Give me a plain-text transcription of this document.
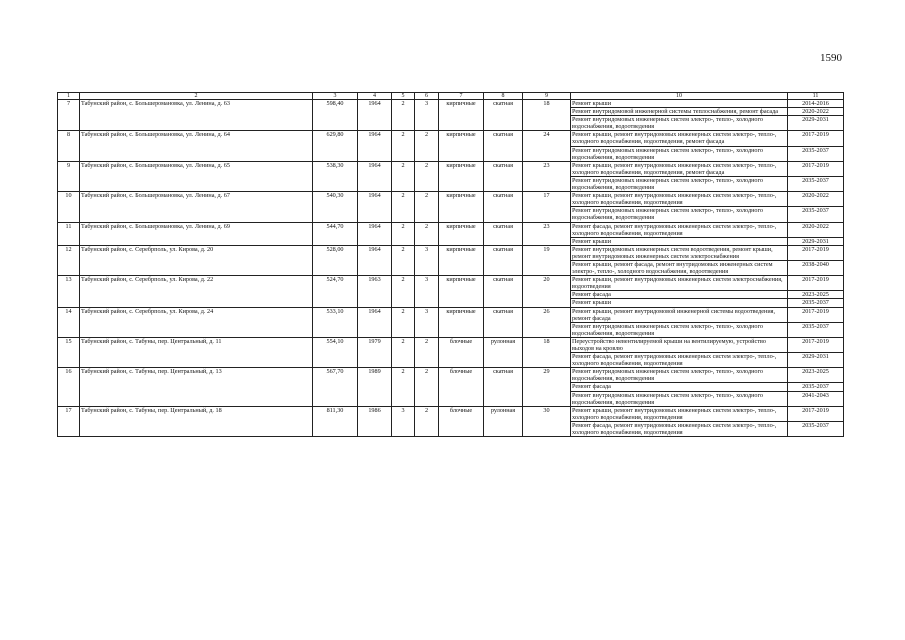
1590
1	2	3	4	5	6	7	8	9	10	11
7	Табунский район, с. Большеромановка, ул. Ленина, д. 63	598,40	1964	2	3	кирпичные	скатная	18	Ремонт крыши	2014-2016
									Ремонт внутридомовой инженерной системы теплоснабжения, ремонт фасада	2020-2022
									Ремонт внутридомовых инженерных систем электро-, тепло-, холодного водоснабжения, водоотведения	2029-2031
8	Табунский район, с. Большеромановка, ул. Ленина, д. 64	629,80	1964	2	2	кирпичные	скатная	24	Ремонт крыши, ремонт внутридомовых инженерных систем электро-, тепло-, холодного водоснабжения, водоотведения, ремонт фасада	2017-2019
									Ремонт внутридомовых инженерных систем электро-, тепло-, холодного водоснабжения, водоотведения	2035-2037
9	Табунский район, с. Большеромановка, ул. Ленина, д. 65	538,30	1964	2	2	кирпичные	скатная	23	Ремонт крыши, ремонт внутридомовых инженерных систем электро-, тепло-, холодного водоснабжения, водоотведения, ремонт фасада	2017-2019
									Ремонт внутридомовых инженерных систем электро-, тепло-, холодного водоснабжения, водоотведения	2035-2037
10	Табунский район, с. Большеромановка, ул. Ленина, д. 67	540,30	1964	2	2	кирпичные	скатная	17	Ремонт крыши, ремонт внутридомовых инженерных систем электро-, тепло-, холодного водоснабжения, водоотведения	2020-2022
									Ремонт внутридомовых инженерных систем электро-, тепло-, холодного водоснабжения, водоотведения	2035-2037
11	Табунский район, с. Большеромановка, ул. Ленина, д. 69	544,70	1964	2	2	кирпичные	скатная	23	Ремонт фасада, ремонт внутридомовых инженерных систем электро-, тепло-, холодного водоснабжения, водоотведения	2020-2022
									Ремонт крыши	2029-2031
12	Табунский район, с. Серебрполь, ул. Кирова, д. 20	528,00	1964	2	3	кирпичные	скатная	19	Ремонт внутридомовых инженерных систем водоотведения, ремонт крыши, ремонт внутридомовых инженерных систем электроснабжения	2017-2019
									Ремонт крыши, ремонт фасада, ремонт внутридомовых инженерных систем электро-, тепло-, холодного водоснабжения, водоотведения	2038-2040
13	Табунский район, с. Серебрполь, ул. Кирова, д. 22	524,70	1963	2	3	кирпичные	скатная	20	Ремонт крыши, ремонт внутридомовых инженерных систем электроснабжения, водоотведения	2017-2019
									Ремонт фасада	2023-2025
									Ремонт крыши	2035-2037
14	Табунский район, с. Серебрполь, ул. Кирова, д. 24	533,10	1964	2	3	кирпичные	скатная	26	Ремонт крыши, ремонт внутридомовой инженерной системы водоотведения, ремонт фасада	2017-2019
									Ремонт внутридомовых инженерных систем электро-, тепло-, холодного водоснабжения, водоотведения	2035-2037
15	Табунский район, с. Табуны, пер. Центральный, д. 11	554,10	1979	2	2	блочные	рулонная	18	Переустройство невентилируемой крыши на вентилируемую, устройство выходов на кровлю	2017-2019
									Ремонт фасада, ремонт внутридомовых инженерных систем электро-, тепло-, холодного водоснабжения, водоотведения	2029-2031
16	Табунский район, с. Табуны, пер. Центральный, д. 13	567,70	1989	2	2	блочные	скатная	29	Ремонт внутридомовых инженерных систем электро-, тепло-, холодного водоснабжения, водоотведения	2023-2025
									Ремонт фасада	2035-2037
									Ремонт внутридомовых инженерных систем электро-, тепло-, холодного водоснабжения, водоотведения	2041-2043
17	Табунский район, с. Табуны, пер. Центральный, д. 18	811,30	1986	3	2	блочные	рулонная	30	Ремонт крыши, ремонт внутридомовых инженерных систем электро-, тепло-, холодного водоснабжения, водоотведения	2017-2019
									Ремонт фасада, ремонт внутридомовых инженерных систем электро-, тепло-, холодного водоснабжения, водоотведения	2035-2037
